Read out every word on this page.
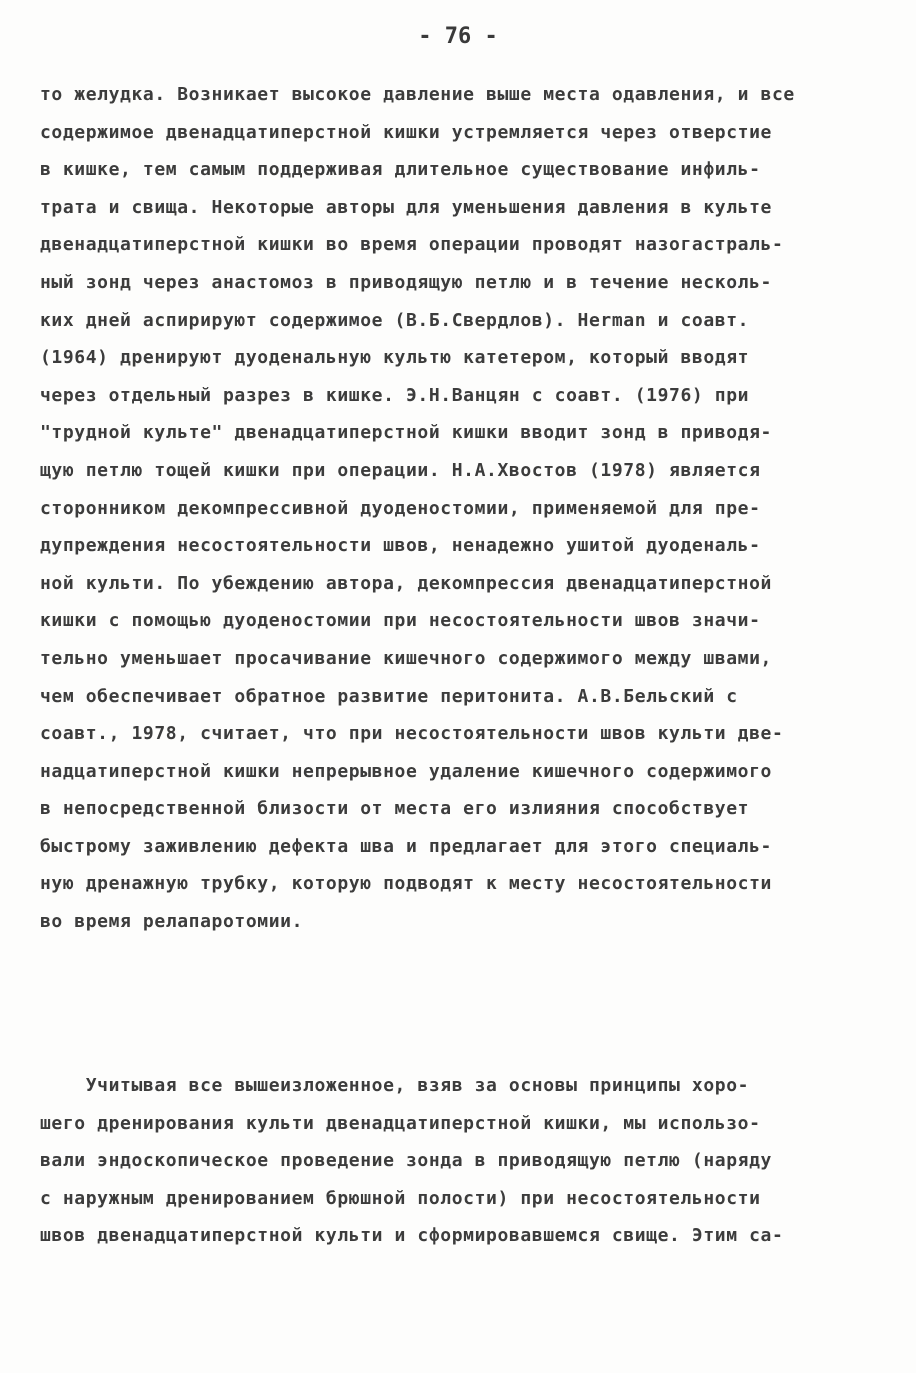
- 76 -
то желудка. Возникает высокое давление выше места одавления, и все
содержимое двенадцатиперстной кишки устремляется через отверстие
в кишке, тем самым поддерживая длительное существование инфиль-
трата и свища. Некоторые авторы для уменьшения давления в культе
двенадцатиперстной кишки во время операции проводят назогастраль-
ный зонд через анастомоз в приводящую петлю и в течение несколь-
ких дней аспирируют содержимое (В.Б.Свердлов). Herman и соавт.
(1964) дренируют дуоденальную культю катетером, который вводят
через отдельный разрез в кишке. Э.Н.Ванцян с соавт. (1976) при
"трудной культе" двенадцатиперстной кишки вводит зонд в приводя-
щую петлю тощей кишки при операции. Н.А.Хвостов (1978) является
сторонником декомпрессивной дуоденостомии, применяемой для пре-
дупреждения несостоятельности швов, ненадежно ушитой дуоденаль-
ной культи. По убеждению автора, декомпрессия двенадцатиперстной
кишки с помощью дуоденостомии при несостоятельности швов значи-
тельно уменьшает просачивание кишечного содержимого между швами,
чем обеспечивает обратное развитие перитонита. А.В.Бельский с
соавт., 1978, считает, что при несостоятельности швов культи две-
надцатиперстной кишки непрерывное удаление кишечного содержимого
в непосредственной близости от места его излияния способствует
быстрому заживлению дефекта шва и предлагает для этого специаль-
ную дренажную трубку, которую подводят к месту несостоятельности
во время релапаротомии.
Учитывая все вышеизложенное, взяв за основы принципы хоро-
шего дренирования культи двенадцатиперстной кишки, мы использо-
вали эндоскопическое проведение зонда в приводящую петлю (наряду
с наружным дренированием брюшной полости) при несостоятельности
швов двенадцатиперстной культи и сформировавшемся свище. Этим са-
